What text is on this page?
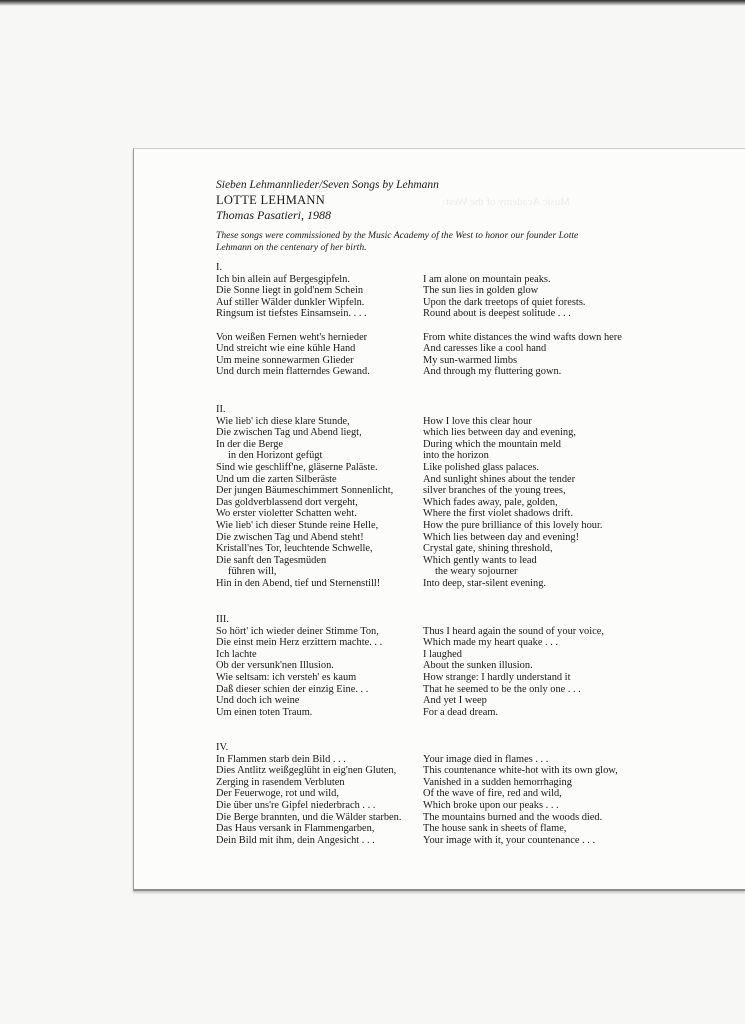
Music Academy of the West
Sieben Lehmannlieder/Seven Songs by Lehmann
LOTTE LEHMANN
Thomas Pasatieri, 1988
These songs were commissioned by the Music Academy of the West to honor our founder Lotte Lehmann on the centenary of her birth.
I.
Ich bin allein auf Bergesgipfeln.
Die Sonne liegt in gold'nem Schein
Auf stiller Wälder dunkler Wipfeln.
Ringsum ist tiefstes Einsamsein. . . .
Von weißen Fernen weht's hernieder
Und streicht wie eine kühle Hand
Um meine sonnewarmen Glieder
Und durch mein flatterndes Gewand.
I am alone on mountain peaks.
The sun lies in golden glow
Upon the dark treetops of quiet forests.
Round about is deepest solitude . . .
From white distances the wind wafts down here
And caresses like a cool hand
My sun-warmed limbs
And through my fluttering gown.
II.
Wie lieb' ich diese klare Stunde,
Die zwischen Tag und Abend liegt,
In der die Berge
in den Horizont gefügt
Sind wie geschliff'ne, gläserne Paläste.
Und um die zarten Silberäste
Der jungen Bäumeschimmert Sonnenlicht,
Das goldverblassend dort vergeht,
Wo erster violetter Schatten weht.
Wie lieb' ich dieser Stunde reine Helle,
Die zwischen Tag und Abend steht!
Kristall'nes Tor, leuchtende Schwelle,
Die sanft den Tagesmüden
führen will,
Hin in den Abend, tief und Sternenstill!
How I love this clear hour
which lies between day and evening,
During which the mountain meld
into the horizon
Like polished glass palaces.
And sunlight shines about the tender
silver branches of the young trees,
Which fades away, pale, golden,
Where the first violet shadows drift.
How the pure brilliance of this lovely hour.
Which lies between day and evening!
Crystal gate, shining threshold,
Which gently wants to lead
the weary sojourner
Into deep, star-silent evening.
III.
So hört' ich wieder deiner Stimme Ton,
Die einst mein Herz erzittern machte. . .
Ich lachte
Ob der versunk'nen Illusion.
Wie seltsam: ich versteh' es kaum
Daß dieser schien der einzig Eine. . .
Und doch ich weine
Um einen toten Traum.
Thus I heard again the sound of your voice,
Which made my heart quake . . .
I laughed
About the sunken illusion.
How strange: I hardly understand it
That he seemed to be the only one . . .
And yet I weep
For a dead dream.
IV.
In Flammen starb dein Bild . . .
Dies Antlitz weißgeglüht in eig'nen Gluten,
Zerging in rasendem Verbluten
Der Feuerwoge, rot und wild,
Die über uns're Gipfel niederbrach . . .
Die Berge brannten, und die Wälder starben.
Das Haus versank in Flammengarben,
Dein Bild mit ihm, dein Angesicht . . .
Your image died in flames . . .
This countenance white-hot with its own glow,
Vanished in a sudden hemorrhaging
Of the wave of fire, red and wild,
Which broke upon our peaks . . .
The mountains burned and the woods died.
The house sank in sheets of flame,
Your image with it, your countenance . . .
